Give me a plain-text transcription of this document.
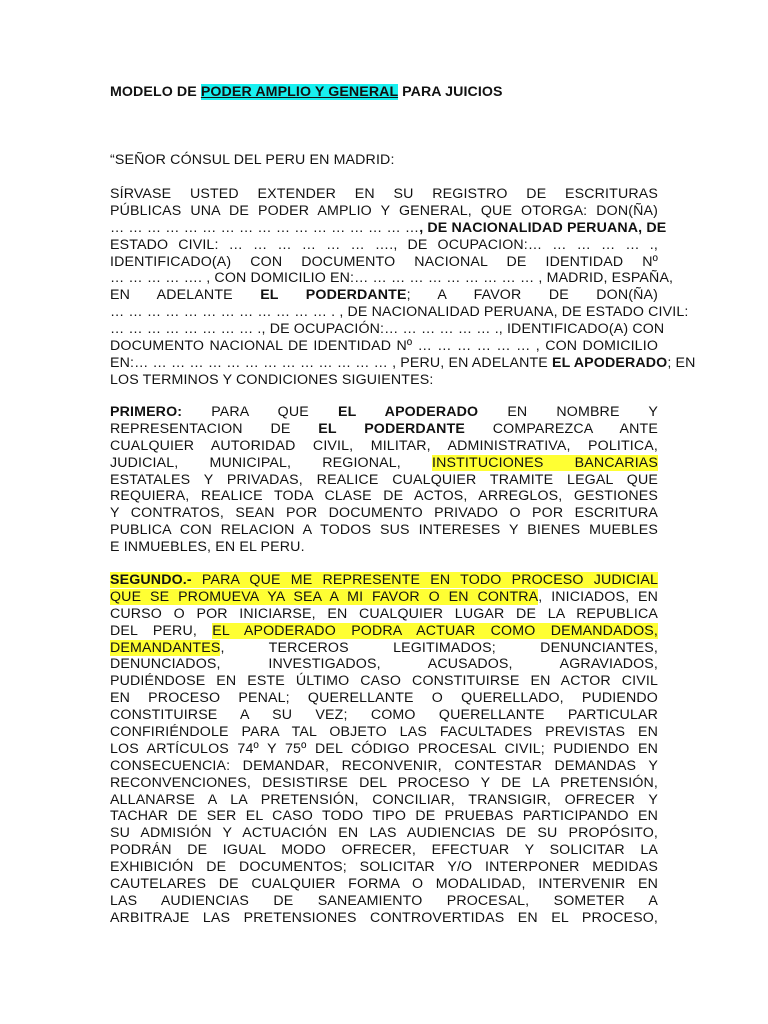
MODELO DE PODER AMPLIO Y GENERAL PARA JUICIOS
“SEÑOR CÓNSUL DEL PERU EN MADRID:
SÍRVASE USTED EXTENDER EN SU REGISTRO DE ESCRITURAS
PÚBLICAS UNA DE PODER AMPLIO Y GENERAL, QUE OTORGA: DON(ÑA)
… … … … … … … … … … … … … … … … …, DE NACIONALIDAD PERUANA, DE
ESTADO CIVIL: … … … … … … …., DE OCUPACION:… … … … … .,
IDENTIFICADO(A) CON DOCUMENTO NACIONAL DE IDENTIDAD Nº
… … … … …. , CON DOMICILIO EN:… … … … … … … … … … , MADRID, ESPAÑA,
EN ADELANTE EL PODERDANTE; A FAVOR DE DON(ÑA)
… … … … … … … … … … … … . , DE NACIONALIDAD PERUANA, DE ESTADO CIVIL:
… … … … … … … … ., DE OCUPACIÓN:… … … … … … ., IDENTIFICADO(A) CON
DOCUMENTO NACIONAL DE IDENTIDAD Nº … … … … … … , CON DOMICILIO
EN:… … … … … … … … … … … … … … , PERU, EN ADELANTE EL APODERADO; EN
LOS TERMINOS Y CONDICIONES SIGUIENTES:
PRIMERO: PARA QUE EL APODERADO EN NOMBRE Y
REPRESENTACION DE EL PODERDANTE COMPAREZCA ANTE
CUALQUIER AUTORIDAD CIVIL, MILITAR, ADMINISTRATIVA, POLITICA,
JUDICIAL, MUNICIPAL, REGIONAL, INSTITUCIONES BANCARIAS
ESTATALES Y PRIVADAS, REALICE CUALQUIER TRAMITE LEGAL QUE
REQUIERA, REALICE TODA CLASE DE ACTOS, ARREGLOS, GESTIONES
Y CONTRATOS, SEAN POR DOCUMENTO PRIVADO O POR ESCRITURA
PUBLICA CON RELACION A TODOS SUS INTERESES Y BIENES MUEBLES
E INMUEBLES, EN EL PERU.
SEGUNDO.- PARA QUE ME REPRESENTE EN TODO PROCESO JUDICIAL
QUE SE PROMUEVA YA SEA A MI FAVOR O EN CONTRA, INICIADOS, EN
CURSO O POR INICIARSE, EN CUALQUIER LUGAR DE LA REPUBLICA
DEL PERU, EL APODERADO PODRA ACTUAR COMO DEMANDADOS,
DEMANDANTES, TERCEROS LEGITIMADOS; DENUNCIANTES,
DENUNCIADOS, INVESTIGADOS, ACUSADOS, AGRAVIADOS,
PUDIÉNDOSE EN ESTE ÚLTIMO CASO CONSTITUIRSE EN ACTOR CIVIL
EN PROCESO PENAL; QUERELLANTE O QUERELLADO, PUDIENDO
CONSTITUIRSE A SU VEZ; COMO QUERELLANTE PARTICULAR
CONFIRIÉNDOLE PARA TAL OBJETO LAS FACULTADES PREVISTAS EN
LOS ARTÍCULOS 74º Y 75º DEL CÓDIGO PROCESAL CIVIL; PUDIENDO EN
CONSECUENCIA: DEMANDAR, RECONVENIR, CONTESTAR DEMANDAS Y
RECONVENCIONES, DESISTIRSE DEL PROCESO Y DE LA PRETENSIÓN,
ALLANARSE A LA PRETENSIÓN, CONCILIAR, TRANSIGIR, OFRECER Y
TACHAR DE SER EL CASO TODO TIPO DE PRUEBAS PARTICIPANDO EN
SU ADMISIÓN Y ACTUACIÓN EN LAS AUDIENCIAS DE SU PROPÓSITO,
PODRÁN DE IGUAL MODO OFRECER, EFECTUAR Y SOLICITAR LA
EXHIBICIÓN DE DOCUMENTOS; SOLICITAR Y/O INTERPONER MEDIDAS
CAUTELARES DE CUALQUIER FORMA O MODALIDAD, INTERVENIR EN
LAS AUDIENCIAS DE SANEAMIENTO PROCESAL, SOMETER A
ARBITRAJE LAS PRETENSIONES CONTROVERTIDAS EN EL PROCESO,
